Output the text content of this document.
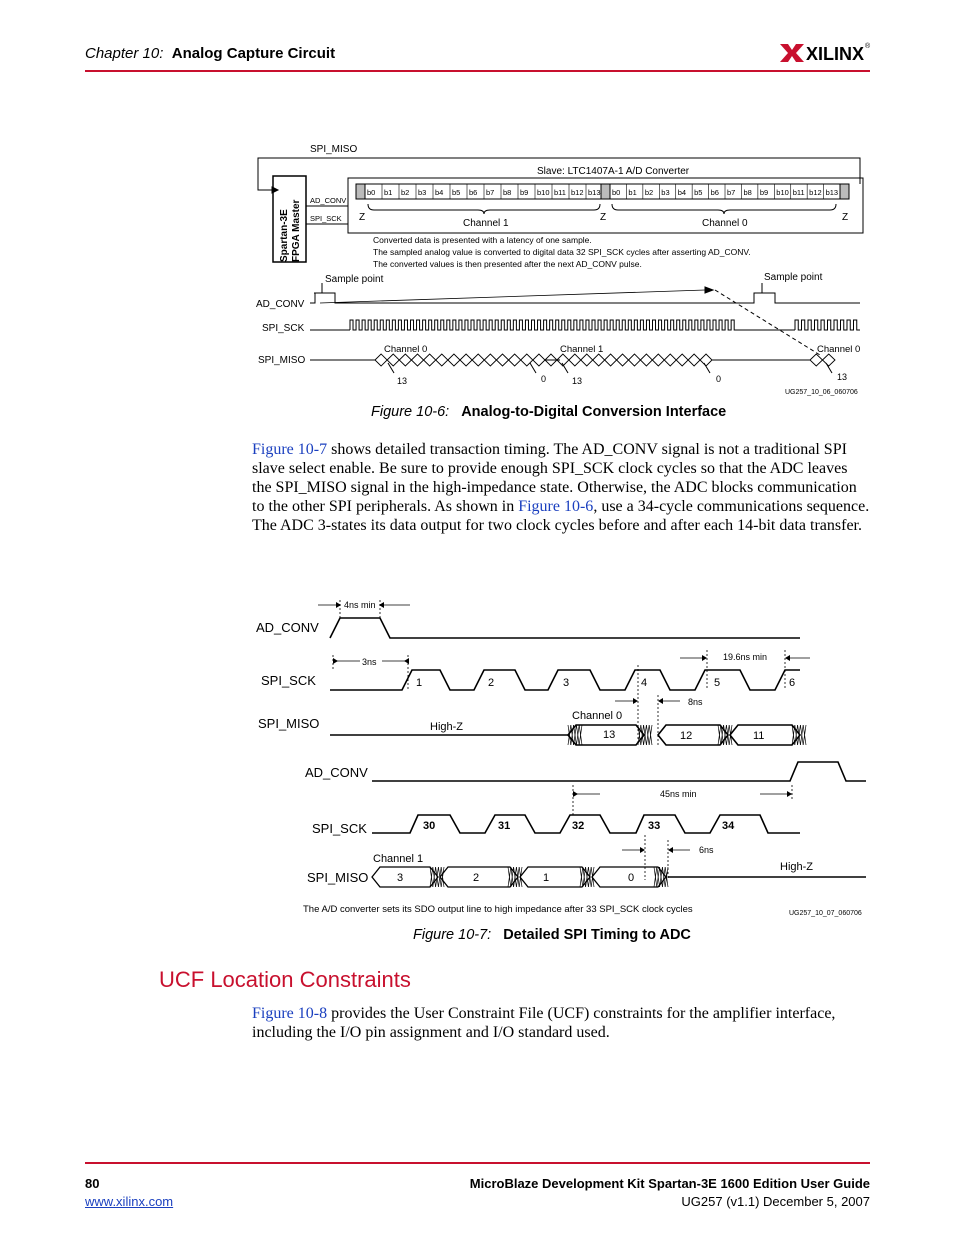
Chapter 10: Analog Capture Circuit	XILINX ®
b0 b1 b2 b3 b4 b5 b6 b7 b8 b9 b10 b11 b12 b13 b0 b1 b2 b3 b4 b5 b6 b7 b8 b9 b10 b11 b12 b13
SPI_MISO
Slave: LTC1407A-1 A/D Converter
Spartan-3E FPGA Master AD_CONV
SPI_SCK Z	Z	Z
Channel 1	Channel 0
Converted data is presented with a latency of one sample.
The sampled analog value is converted to digital data 32 SPI_SCK cycles after asserting AD_CONV.
The converted values is then presented after the next AD_CONV pulse.
Sample point	Sample point
AD_CONV
SPI_SCK
SPI_MISO
Channel 0	Channel 1	Channel 0
13	0	13	0	13
UG257_10_06_060706
Figure 10-6: Analog-to-Digital Conversion Interface
Figure 10-7 shows detailed transaction timing. The AD_CONV signal is not a traditional SPI slave select enable. Be sure to provide enough SPI_SCK clock cycles so that the ADC leaves the SPI_MISO signal in the high-impedance state. Otherwise, the ADC blocks communication to the other SPI peripherals. As shown in Figure 10-6, use a 34-cycle communications sequence. The ADC 3-states its data output for two clock cycles before and after each 14-bit data transfer.
4ns min
AD_CONV
3ns	19.6ns min
SPI_SCK	1	2	3	4	5	6
8ns
SPI_MISO	High-Z
Channel 0
13	12	11
AD_CONV
45ns min
SPI_SCK	30	31	32	33	34
6ns
High-Z
Channel 1
SPI_MISO	3	2	1	0
The A/D converter sets its SDO output line to high impedance after 33 SPI_SCK clock cycles	UG257_10_07_060706
Figure 10-7: Detailed SPI Timing to ADC
UCF Location Constraints
Figure 10-8 provides the User Constraint File (UCF) constraints for the amplifier interface, including the I/O pin assignment and I/O standard used.
80
www.xilinx.com
MicroBlaze Development Kit Spartan-3E 1600 Edition User Guide
UG257 (v1.1) December 5, 2007
